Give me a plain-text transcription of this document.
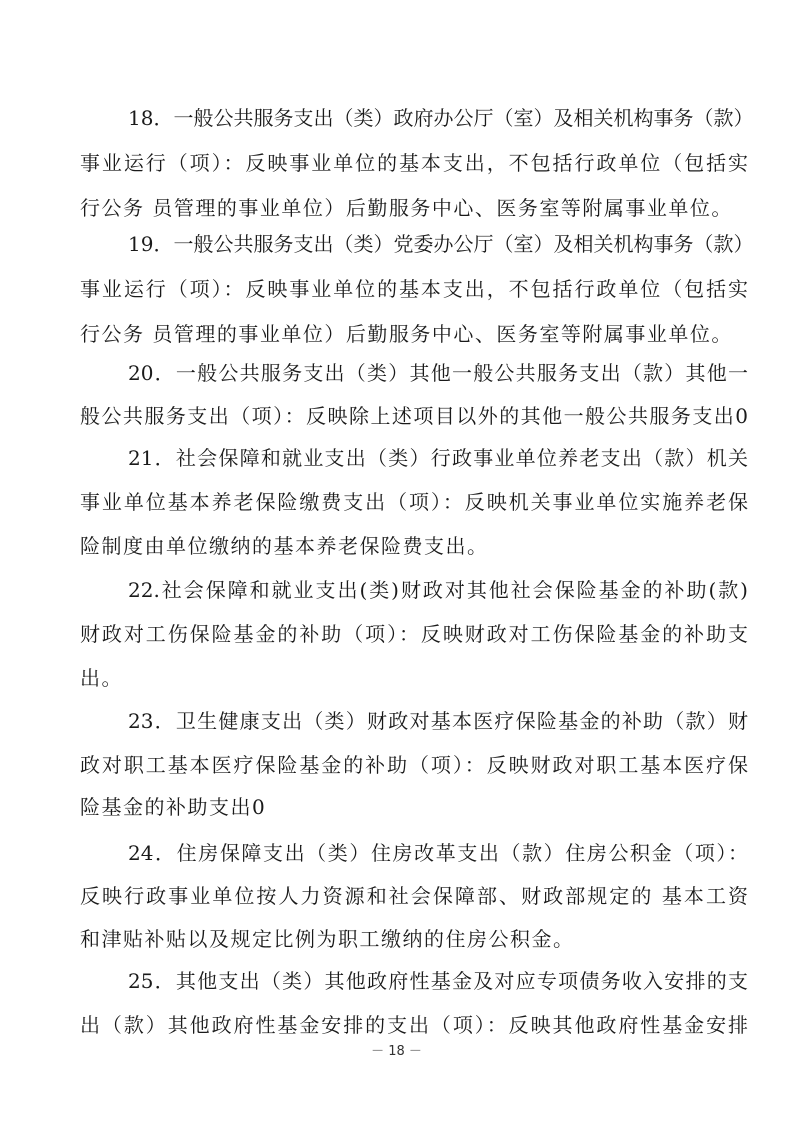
18．一般公共服务支出（类）政府办公厅（室）及相关机构事务（款）

事业运行（项）：反映事业单位的基本支出，不包括行政单位（包括实

行公务 员管理的事业单位）后勤服务中心、医务室等附属事业单位。

19．一般公共服务支出（类）党委办公厅（室）及相关机构事务（款）

事业运行（项）：反映事业单位的基本支出，不包括行政单位（包括实

行公务 员管理的事业单位）后勤服务中心、医务室等附属事业单位。

20．一般公共服务支出（类）其他一般公共服务支出（款）其他一

般公共服务支出（项）：反映除上述项目以外的其他一般公共服务支出0

21．社会保障和就业支出（类）行政事业单位养老支出（款）机关

事业单位基本养老保险缴费支出（项）：反映机关事业单位实施养老保

险制度由单位缴纳的基本养老保险费支出。

22.社会保障和就业支出(类)财政对其他社会保险基金的补助(款)

财政对工伤保险基金的补助（项）：反映财政对工伤保险基金的补助支

出。

23．卫生健康支出（类）财政对基本医疗保险基金的补助（款）财

政对职工基本医疗保险基金的补助（项）：反映财政对职工基本医疗保

险基金的补助支出0

24．住房保障支出（类）住房改革支出（款）住房公积金（项）：

反映行政事业单位按人力资源和社会保障部、财政部规定的 基本工资

和津贴补贴以及规定比例为职工缴纳的住房公积金。

25．其他支出（类）其他政府性基金及对应专项债务收入安排的支

出（款）其他政府性基金安排的支出（项）：反映其他政府性基金安排

－ 18 －
